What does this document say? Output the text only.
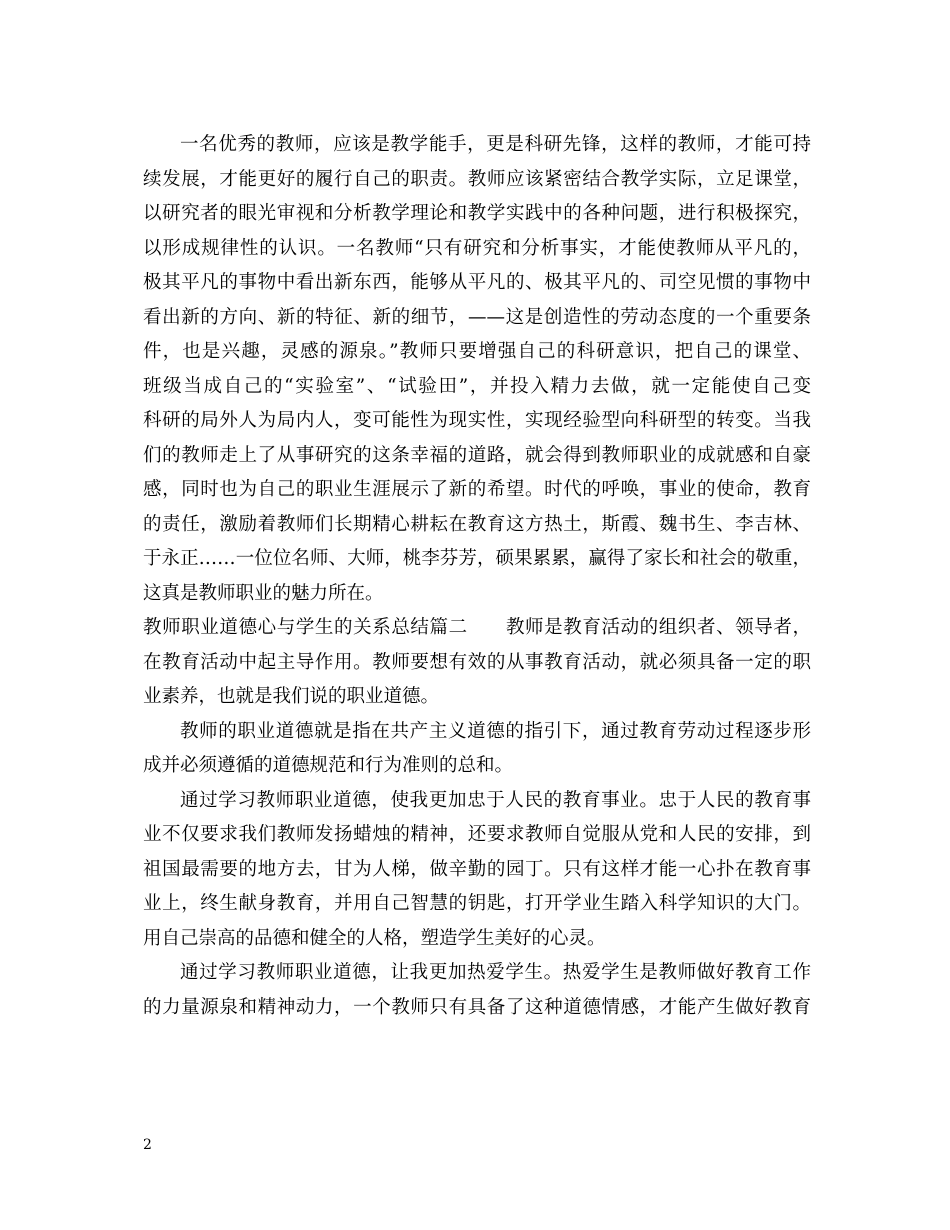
一名优秀的教师，应该是教学能手，更是科研先锋，这样的教师，才能可持
续发展，才能更好的履行自己的职责。教师应该紧密结合教学实际，立足课堂，
以研究者的眼光审视和分析教学理论和教学实践中的各种问题，进行积极探究，
以形成规律性的认识。一名教师“只有研究和分析事实，才能使教师从平凡的，
极其平凡的事物中看出新东西，能够从平凡的、极其平凡的、司空见惯的事物中
看出新的方向、新的特征、新的细节，——这是创造性的劳动态度的一个重要条
件，也是兴趣，灵感的源泉。”教师只要增强自己的科研意识，把自己的课堂、
班级当成自己的“实验室”、“试验田”，并投入精力去做，就一定能使自己变
科研的局外人为局内人，变可能性为现实性，实现经验型向科研型的转变。当我
们的教师走上了从事研究的这条幸福的道路，就会得到教师职业的成就感和自豪
感，同时也为自己的职业生涯展示了新的希望。时代的呼唤，事业的使命，教育
的责任，激励着教师们长期精心耕耘在教育这方热土，斯霞、魏书生、李吉林、
于永正……一位位名师、大师，桃李芬芳，硕果累累，赢得了家长和社会的敬重，
这真是教师职业的魅力所在。

教师职业道德心与学生的关系总结篇二　　教师是教育活动的组织者、领导者，
在教育活动中起主导作用。教师要想有效的从事教育活动，就必须具备一定的职
业素养，也就是我们说的职业道德。

教师的职业道德就是指在共产主义道德的指引下，通过教育劳动过程逐步形
成并必须遵循的道德规范和行为准则的总和。

通过学习教师职业道德，使我更加忠于人民的教育事业。忠于人民的教育事
业不仅要求我们教师发扬蜡烛的精神，还要求教师自觉服从党和人民的安排，到
祖国最需要的地方去，甘为人梯，做辛勤的园丁。只有这样才能一心扑在教育事
业上，终生献身教育，并用自己智慧的钥匙，打开学业生踏入科学知识的大门。
用自己崇高的品德和健全的人格，塑造学生美好的心灵。

通过学习教师职业道德，让我更加热爱学生。热爱学生是教师做好教育工作
的力量源泉和精神动力，一个教师只有具备了这种道德情感，才能产生做好教育

2
